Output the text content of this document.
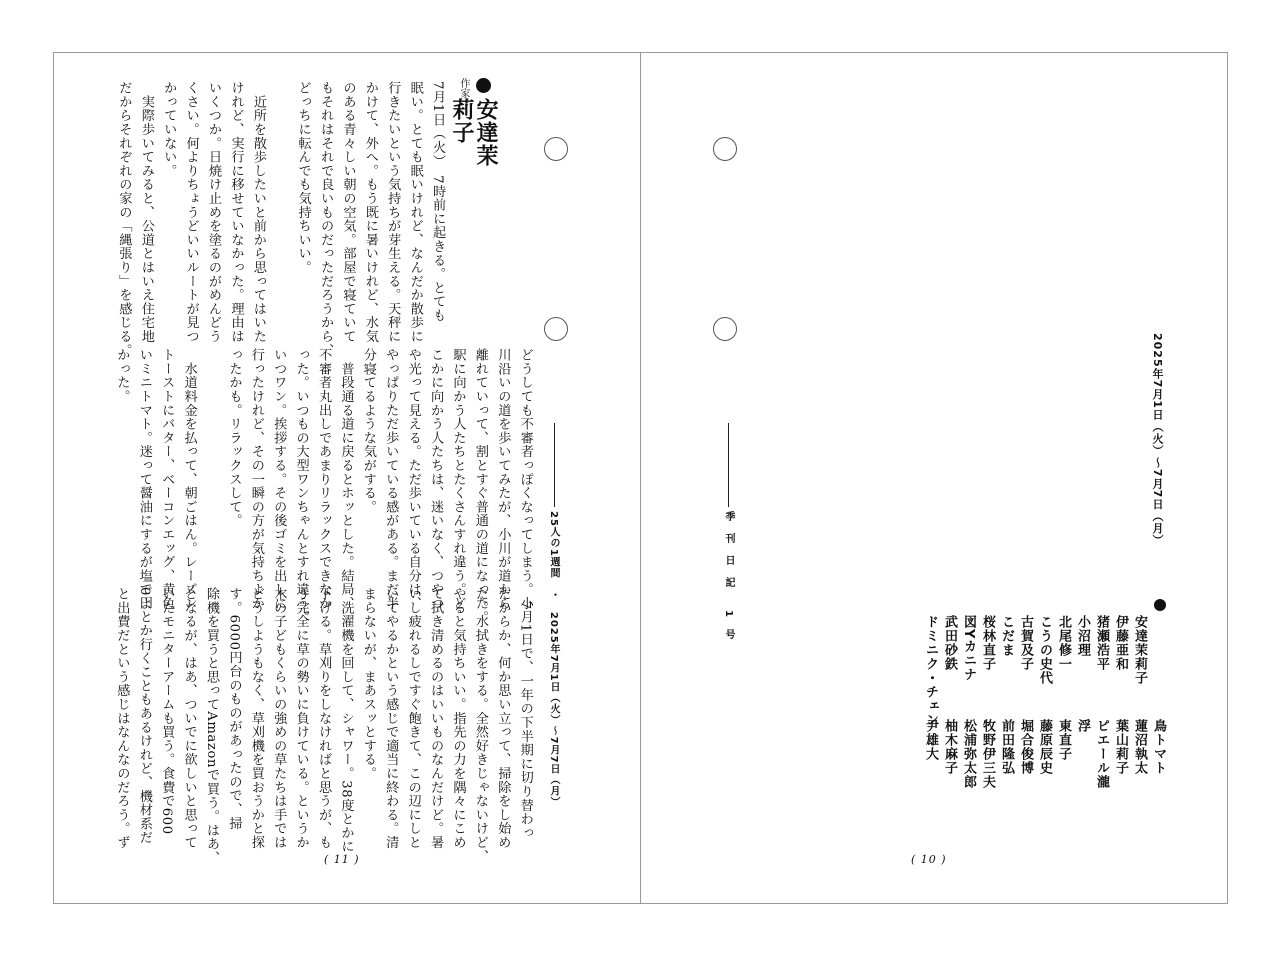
安達茉莉子
作家

7月1日（火）　7時前に起きる。とても

眠い。とても眠いけれど、なんだか散歩に

行きたいという気持ちが芽生える。天秤に

かけて、外へ。もう既に暑いけれど、水気

のある青々しい朝の空気。部屋で寝ていて

もそれはそれで良いものだっただろうから、

どっちに転んでも気持ちいい。

　近所を散歩したいと前から思ってはいた

けれど、実行に移せていなかった。理由は

いくつか。日焼け止めを塗るのがめんどう

くさい。何よりちょうどいいルートが見つ

かっていない。

　実際歩いてみると、公道とはいえ住宅地

だからそれぞれの家の「縄張り」を感じる。

どうしても不審者っぽくなってしまう。小

川沿いの道を歩いてみたが、小川が道から

離れていって、割とすぐ普通の道になった。

駅に向かう人たちとたくさんすれ違う。ど

こかに向かう人たちは、迷いなく、つやつ

や光って見える。ただ歩いている自分は、

やっぱりただ歩いている感がある。まだ半

分寝てるような気がする。

　普段通る道に戻るとホッとした。結局、

不審者丸出しであまりリラックスできなか

った。いつもの大型ワンちゃんとすれ違う。

いつワン。挨拶する。その後ゴミを出しに

行ったけれど、その一瞬の方が気持ちよか

ったかも。リラックスして。

　水道料金を払って、朝ごはん。レーズン

トーストにバター、ベーコンエッグ、黄色

いミニトマト。迷って醤油にするが塩でよ

かった。

　7月1日で、一年の下半期に切り替わっ

たからか、何か思い立って、掃除をし始め

た。水拭きをする。全然好きじゃないけど、

やると気持ちいい。指先の力を隅々にこめ

て拭き清めるのはいいものなんだけど。暑

いし疲れるしですぐ飽きて、この辺にしと

いてやるかという感じで適当に終わる。清

まらないが、まあスッとする。

　洗濯機を回して、シャワー。38度とかに

下げる。草刈りをしなければと思うが、も

う完全に草の勢いに負けている。というか

木の子どもくらいの強めの草たちは手では

どうしようもなく、草刈機を買おうかと探

す。6000円台のものがあったので、掃

除機を買うと思ってAmazonで買う。はあ、

となるが、はあ、ついでに欲しいと思って

いたモニターアームも買う。食費で600

0円とか行くこともあるけれど、機材系だ

と出費だという感じはなんなのだろう。ず	25人の1週間　・　2025年7月1日（火）〜7月7日（月）
( 11 )
季　刊　日　記　　1　号
2025年7月1日（火）〜7月7日（月）
安達茉莉子
伊藤亜和
猪瀬浩平
小沼理
北尾修一
こうの史代
古賀及子
こだま
桜林直子
図Yカニナ
武田砂鉄
ドミニク・チェン
鳥トマト
蓮沼執太
葉山莉子
ピエール瀧
浮
東直子
藤原辰史
堀合俊博
前田隆弘
牧野伊三夫
松浦弥太郎
柚木麻子
尹雄大
( 10 )
